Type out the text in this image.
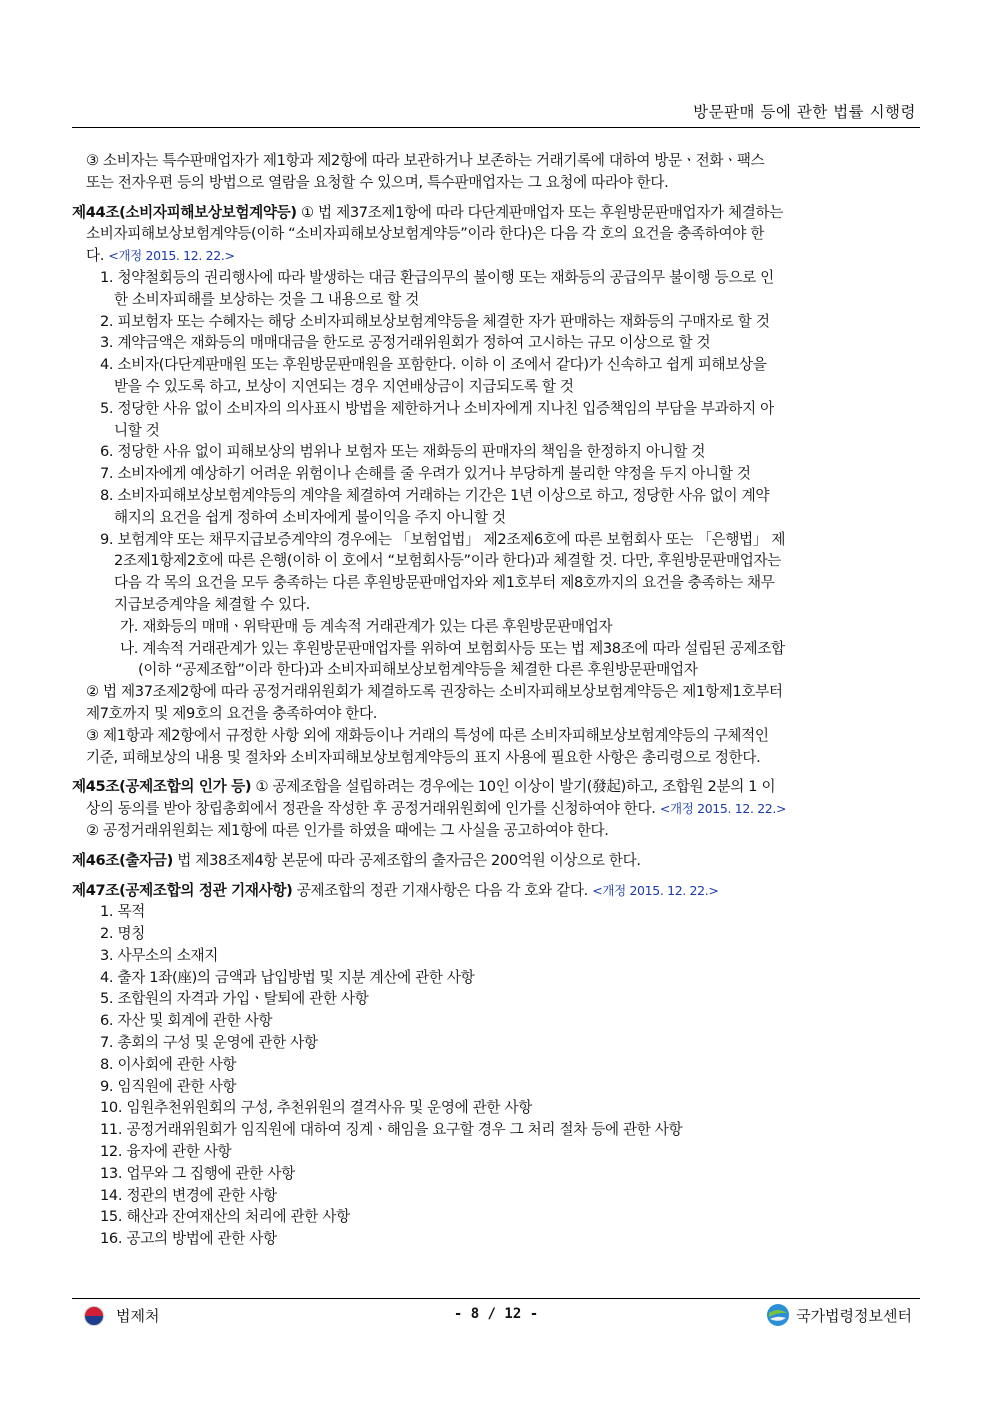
방문판매 등에 관한 법률 시행령
③ 소비자는 특수판매업자가 제1항과 제2항에 따라 보관하거나 보존하는 거래기록에 대하여 방문ㆍ전화ㆍ팩스
또는 전자우편 등의 방법으로 열람을 요청할 수 있으며, 특수판매업자는 그 요청에 따라야 한다.
제44조(소비자피해보상보험계약등) ① 법 제37조제1항에 따라 다단계판매업자 또는 후원방문판매업자가 체결하는
소비자피해보상보험계약등(이하 “소비자피해보상보험계약등”이라 한다)은 다음 각 호의 요건을 충족하여야 한
다. <개정 2015. 12. 22.>
1. 청약철회등의 권리행사에 따라 발생하는 대금 환급의무의 불이행 또는 재화등의 공급의무 불이행 등으로 인
한 소비자피해를 보상하는 것을 그 내용으로 할 것
2. 피보험자 또는 수혜자는 해당 소비자피해보상보험계약등을 체결한 자가 판매하는 재화등의 구매자로 할 것
3. 계약금액은 재화등의 매매대금을 한도로 공정거래위원회가 정하여 고시하는 규모 이상으로 할 것
4. 소비자(다단계판매원 또는 후원방문판매원을 포함한다. 이하 이 조에서 같다)가 신속하고 쉽게 피해보상을
받을 수 있도록 하고, 보상이 지연되는 경우 지연배상금이 지급되도록 할 것
5. 정당한 사유 없이 소비자의 의사표시 방법을 제한하거나 소비자에게 지나친 입증책임의 부담을 부과하지 아
니할 것
6. 정당한 사유 없이 피해보상의 범위나 보험자 또는 재화등의 판매자의 책임을 한정하지 아니할 것
7. 소비자에게 예상하기 어려운 위험이나 손해를 줄 우려가 있거나 부당하게 불리한 약정을 두지 아니할 것
8. 소비자피해보상보험계약등의 계약을 체결하여 거래하는 기간은 1년 이상으로 하고, 정당한 사유 없이 계약
해지의 요건을 쉽게 정하여 소비자에게 불이익을 주지 아니할 것
9. 보험계약 또는 채무지급보증계약의 경우에는 「보험업법」 제2조제6호에 따른 보험회사 또는 「은행법」 제
2조제1항제2호에 따른 은행(이하 이 호에서 “보험회사등”이라 한다)과 체결할 것. 다만, 후원방문판매업자는
다음 각 목의 요건을 모두 충족하는 다른 후원방문판매업자와 제1호부터 제8호까지의 요건을 충족하는 채무
지급보증계약을 체결할 수 있다.
가. 재화등의 매매ㆍ위탁판매 등 계속적 거래관계가 있는 다른 후원방문판매업자
나. 계속적 거래관계가 있는 후원방문판매업자를 위하여 보험회사등 또는 법 제38조에 따라 설립된 공제조합
(이하 “공제조합”이라 한다)과 소비자피해보상보험계약등을 체결한 다른 후원방문판매업자
② 법 제37조제2항에 따라 공정거래위원회가 체결하도록 권장하는 소비자피해보상보험계약등은 제1항제1호부터
제7호까지 및 제9호의 요건을 충족하여야 한다.
③ 제1항과 제2항에서 규정한 사항 외에 재화등이나 거래의 특성에 따른 소비자피해보상보험계약등의 구체적인
기준, 피해보상의 내용 및 절차와 소비자피해보상보험계약등의 표지 사용에 필요한 사항은 총리령으로 정한다.
제45조(공제조합의 인가 등) ① 공제조합을 설립하려는 경우에는 10인 이상이 발기(發起)하고, 조합원 2분의 1 이
상의 동의를 받아 창립총회에서 정관을 작성한 후 공정거래위원회에 인가를 신청하여야 한다. <개정 2015. 12. 22.>
② 공정거래위원회는 제1항에 따른 인가를 하였을 때에는 그 사실을 공고하여야 한다.
제46조(출자금) 법 제38조제4항 본문에 따라 공제조합의 출자금은 200억원 이상으로 한다.
제47조(공제조합의 정관 기재사항) 공제조합의 정관 기재사항은 다음 각 호와 같다. <개정 2015. 12. 22.>
1. 목적
2. 명칭
3. 사무소의 소재지
4. 출자 1좌(座)의 금액과 납입방법 및 지분 계산에 관한 사항
5. 조합원의 자격과 가입ㆍ탈퇴에 관한 사항
6. 자산 및 회계에 관한 사항
7. 총회의 구성 및 운영에 관한 사항
8. 이사회에 관한 사항
9. 임직원에 관한 사항
10. 임원추천위원회의 구성, 추천위원의 결격사유 및 운영에 관한 사항
11. 공정거래위원회가 임직원에 대하여 징계ㆍ해임을 요구할 경우 그 처리 절차 등에 관한 사항
12. 융자에 관한 사항
13. 업무와 그 집행에 관한 사항
14. 정관의 변경에 관한 사항
15. 해산과 잔여재산의 처리에 관한 사항
16. 공고의 방법에 관한 사항
법제처	- 8 / 12 -	국가법령정보센터
